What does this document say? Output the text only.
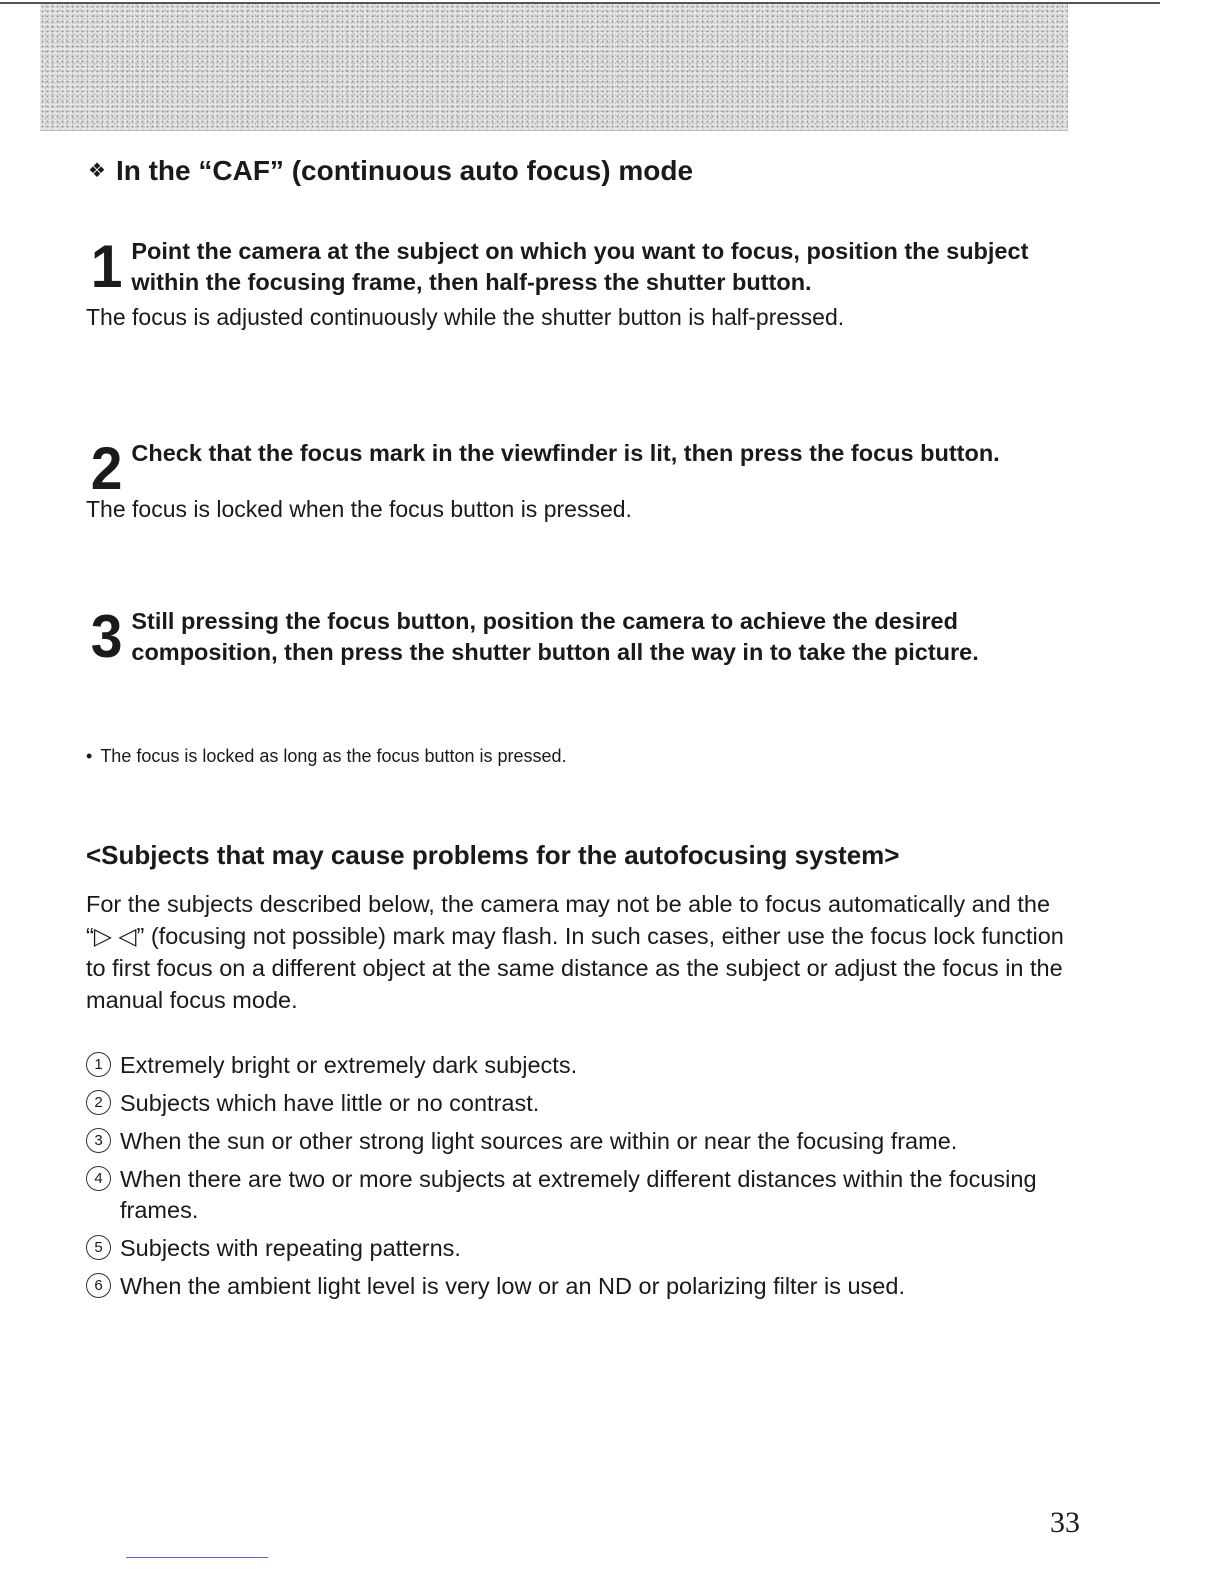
❖ In the “CAF” (continuous auto focus) mode
1 Point the camera at the subject on which you want to focus, position the subject within the focusing frame, then half-press the shutter button.

The focus is adjusted continuously while the shutter button is half-pressed.

2 Check that the focus mark in the viewfinder is lit, then press the focus button.

The focus is locked when the focus button is pressed.

3 Still pressing the focus button, position the camera to achieve the desired composition, then press the shutter button all the way in to take the picture.

• The focus is locked as long as the focus button is pressed.

<Subjects that may cause problems for the autofocusing system>

For the subjects described below, the camera may not be able to focus automatically and the “▷ ◁” (focusing not possible) mark may flash. In such cases, either use the focus lock function to first focus on a different object at the same distance as the subject or adjust the focus in the manual focus mode.

1 Extremely bright or extremely dark subjects.
2 Subjects which have little or no contrast.
3 When the sun or other strong light sources are within or near the focusing frame.
4 When there are two or more subjects at extremely different distances within the focusing frames.
5 Subjects with repeating patterns.
6 When the ambient light level is very low or an ND or polarizing filter is used.

33
